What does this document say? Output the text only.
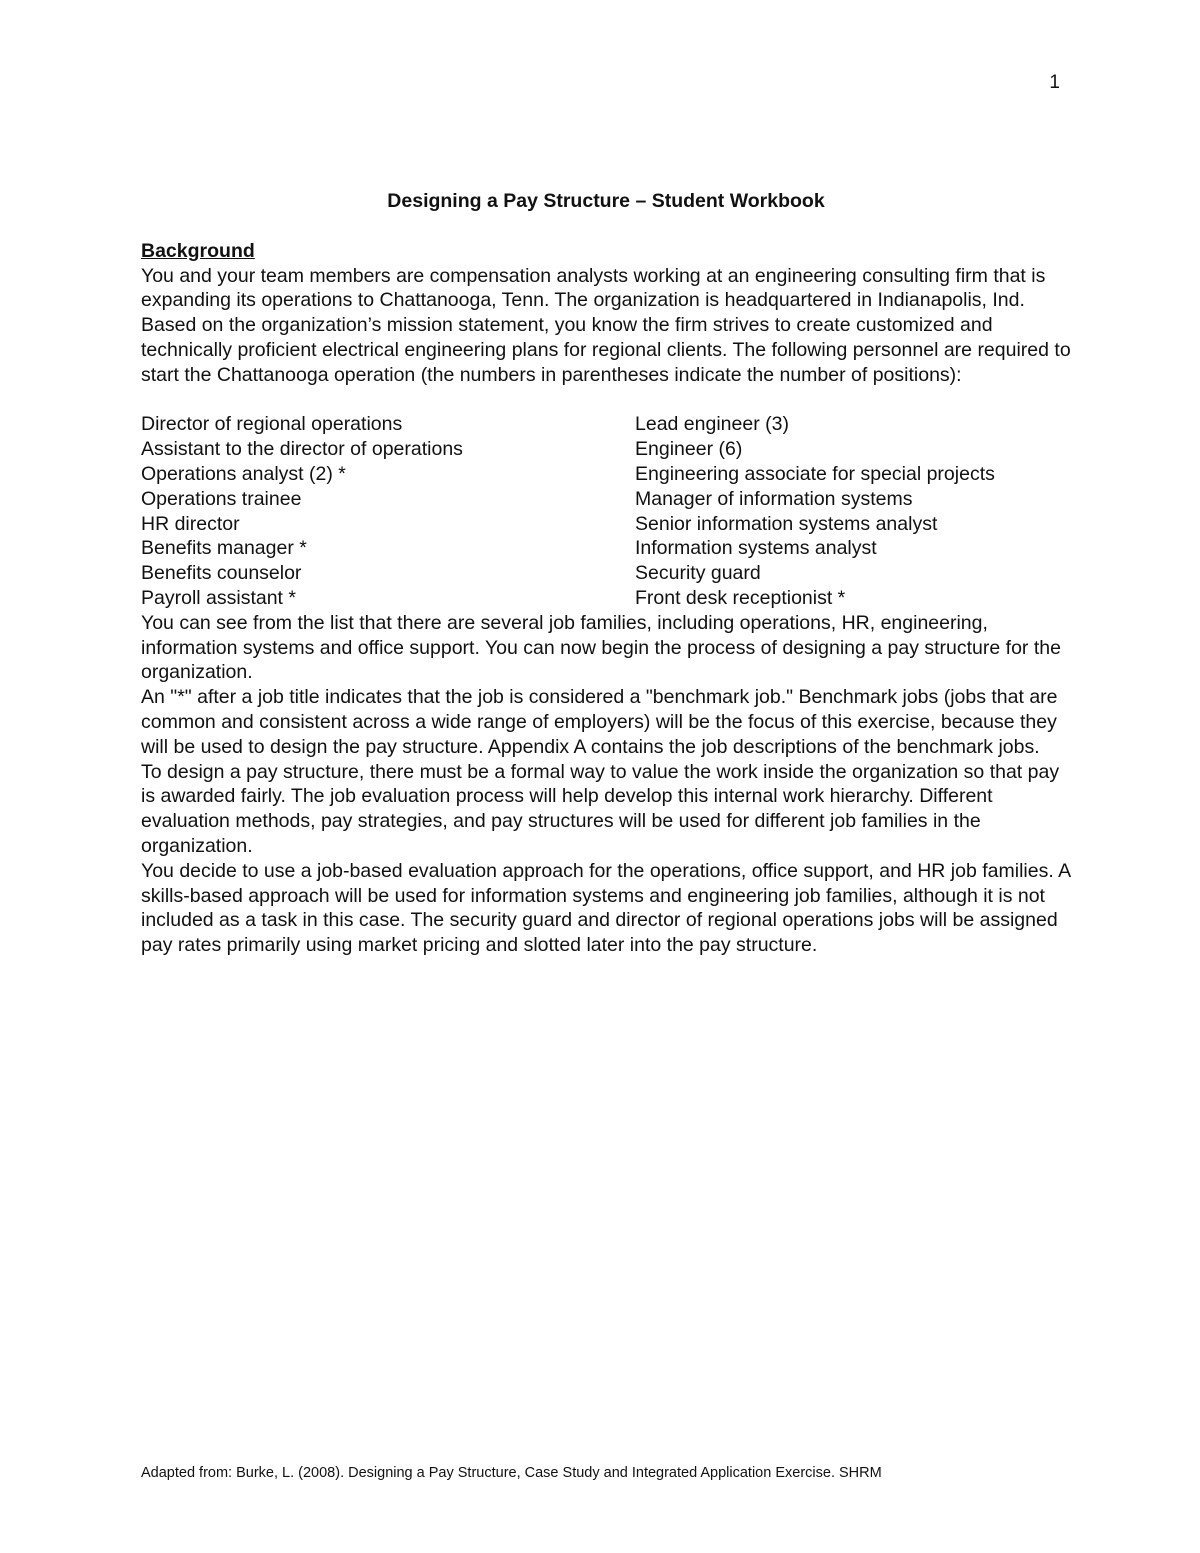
1
Designing a Pay Structure – Student Workbook
Background

You and your team members are compensation analysts working at an engineering consulting firm that is expanding its operations to Chattanooga, Tenn. The organization is headquartered in Indianapolis, Ind. Based on the organization’s mission statement, you know the firm strives to create customized and technically proficient electrical engineering plans for regional clients. The following personnel are required to start the Chattanooga operation (the numbers in parentheses indicate the number of positions):

Director of regional operations
Assistant to the director of operations
Operations analyst (2) *
Operations trainee
HR director
Benefits manager *
Benefits counselor
Payroll assistant *
Lead engineer (3)
Engineer (6)
Engineering associate for special projects
Manager of information systems
Senior information systems analyst
Information systems analyst
Security guard
Front desk receptionist *

You can see from the list that there are several job families, including operations, HR, engineering, information systems and office support. You can now begin the process of designing a pay structure for the organization.

An "*" after a job title indicates that the job is considered a "benchmark job." Benchmark jobs (jobs that are common and consistent across a wide range of employers) will be the focus of this exercise, because they will be used to design the pay structure. Appendix A contains the job descriptions of the benchmark jobs.

To design a pay structure, there must be a formal way to value the work inside the organization so that pay is awarded fairly. The job evaluation process will help develop this internal work hierarchy. Different evaluation methods, pay strategies, and pay structures will be used for different job families in the organization.

You decide to use a job-based evaluation approach for the operations, office support, and HR job families. A skills-based approach will be used for information systems and engineering job families, although it is not included as a task in this case. The security guard and director of regional operations jobs will be assigned pay rates primarily using market pricing and slotted later into the pay structure.

Adapted from: Burke, L. (2008). Designing a Pay Structure, Case Study and Integrated Application Exercise. SHRM
